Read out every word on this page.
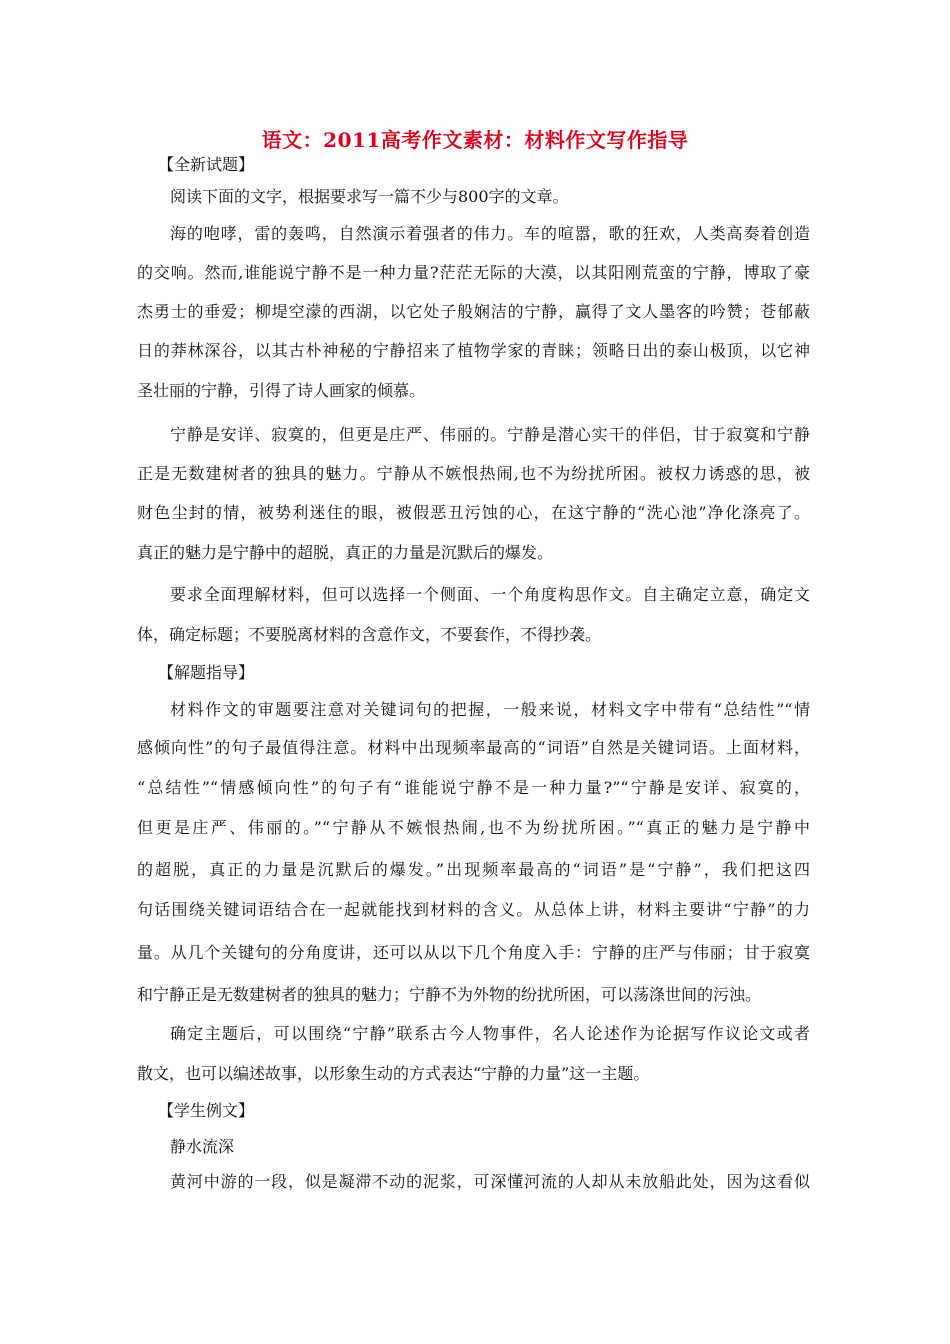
语文：2011高考作文素材：材料作文写作指导
【全新试题】
阅读下面的文字，根据要求写一篇不少与800字的文章。
海的咆哮，雷的轰鸣，自然演示着强者的伟力。车的喧嚣，歌的狂欢，人类高奏着创造
的交响。然而,谁能说宁静不是一种力量?茫茫无际的大漠，以其阳刚荒蛮的宁静，博取了豪
杰勇士的垂爱；柳堤空濛的西湖，以它处子般娴洁的宁静，赢得了文人墨客的吟赞；苍郁蔽
日的莽林深谷，以其古朴神秘的宁静招来了植物学家的青睐；领略日出的泰山极顶，以它神
圣壮丽的宁静，引得了诗人画家的倾慕。
宁静是安详、寂寞的，但更是庄严、伟丽的。宁静是潜心实干的伴侣，甘于寂寞和宁静
正是无数建树者的独具的魅力。宁静从不嫉恨热闹,也不为纷扰所困。被权力诱惑的思，被
财色尘封的情，被势利迷住的眼，被假恶丑污蚀的心，在这宁静的“洗心池”净化涤亮了。
真正的魅力是宁静中的超脱，真正的力量是沉默后的爆发。
要求全面理解材料，但可以选择一个侧面、一个角度构思作文。自主确定立意，确定文
体，确定标题；不要脱离材料的含意作文，不要套作，不得抄袭。
【解题指导】
材料作文的审题要注意对关键词句的把握，一般来说，材料文字中带有“总结性”“情
感倾向性”的句子最值得注意。材料中出现频率最高的“词语”自然是关键词语。上面材料，
“总结性”“情感倾向性”的句子有“谁能说宁静不是一种力量?”“宁静是安详、寂寞的，
但更是庄严、伟丽的。”“宁静从不嫉恨热闹,也不为纷扰所困。”“真正的魅力是宁静中
的超脱，真正的力量是沉默后的爆发。”出现频率最高的“词语”是“宁静”，我们把这四
句话围绕关键词语结合在一起就能找到材料的含义。从总体上讲，材料主要讲“宁静”的力
量。从几个关键句的分角度讲，还可以从以下几个角度入手：宁静的庄严与伟丽；甘于寂寞
和宁静正是无数建树者的独具的魅力；宁静不为外物的纷扰所困，可以荡涤世间的污浊。
确定主题后，可以围绕“宁静”联系古今人物事件，名人论述作为论据写作议论文或者
散文，也可以编述故事，以形象生动的方式表达“宁静的力量”这一主题。
【学生例文】
静水流深
黄河中游的一段，似是凝滞不动的泥浆，可深懂河流的人却从未放船此处，因为这看似
